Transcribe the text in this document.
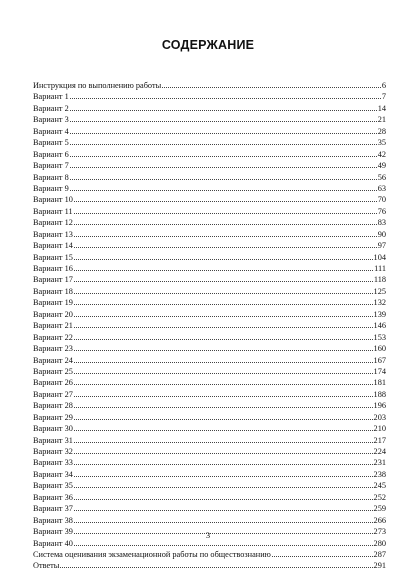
СОДЕРЖАНИЕ
Инструкция по выполнению работы	6
Вариант 1	7
Вариант 2	14
Вариант 3	21
Вариант 4	28
Вариант 5	35
Вариант 6	42
Вариант 7	49
Вариант 8	56
Вариант 9	63
Вариант 10	70
Вариант 11	76
Вариант 12	83
Вариант 13	90
Вариант 14	97
Вариант 15	104
Вариант 16	111
Вариант 17	118
Вариант 18	125
Вариант 19	132
Вариант 20	139
Вариант 21	146
Вариант 22	153
Вариант 23	160
Вариант 24	167
Вариант 25	174
Вариант 26	181
Вариант 27	188
Вариант 28	196
Вариант 29	203
Вариант 30	210
Вариант 31	217
Вариант 32	224
Вариант 33	231
Вариант 34	238
Вариант 35	245
Вариант 36	252
Вариант 37	259
Вариант 38	266
Вариант 39	273
Вариант 40	280
Система оценивания экзаменационной работы по обществознанию	287
Ответы	291
3
